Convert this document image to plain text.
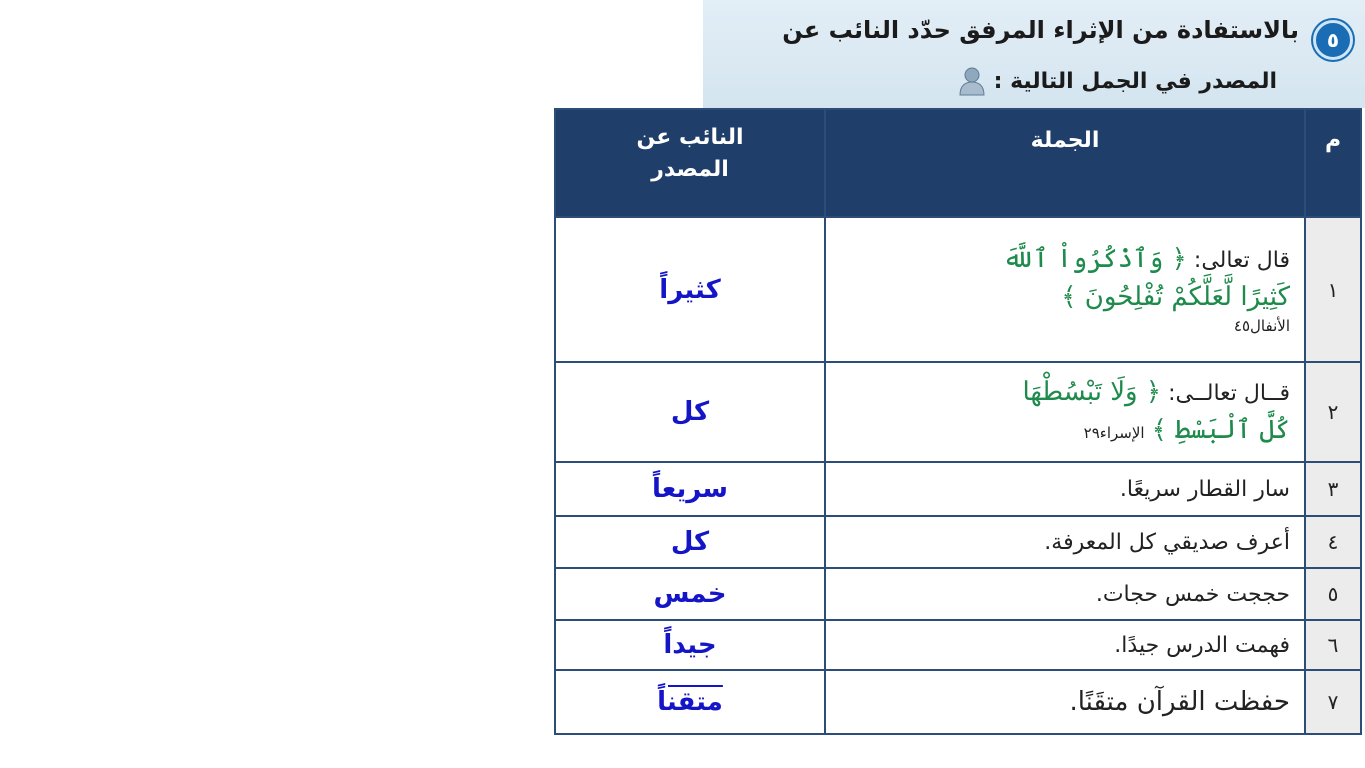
٥
بالاستفادة من الإثراء المرفق حدّد النائب عن
المصدر في الجمل التالية :
م	الجملة	النائب عن
المصدر

١	قال تعالى: ﴿ وَٱذْكُرُواْ ٱللَّهَ
كَثِيرًا لَّعَلَّكُمْ تُفْلِحُونَ ﴾
الأنفال٤٥	كثيراً
٢	قــال تعالــى: ﴿ وَلَا تَبْسُطْهَا
كُلَّ ٱلْبَسْطِ ﴾ الإسراء٢٩	كل
٣	سار القطار سريعًا.	سريعاً
٤	أعرف صديقي كل المعرفة.	كل
٥	حججت خمس حجات.	خمس
٦	فهمت الدرس جيدًا.	جيداً
٧	حفظت القرآن متقَنًا.	متقناً
